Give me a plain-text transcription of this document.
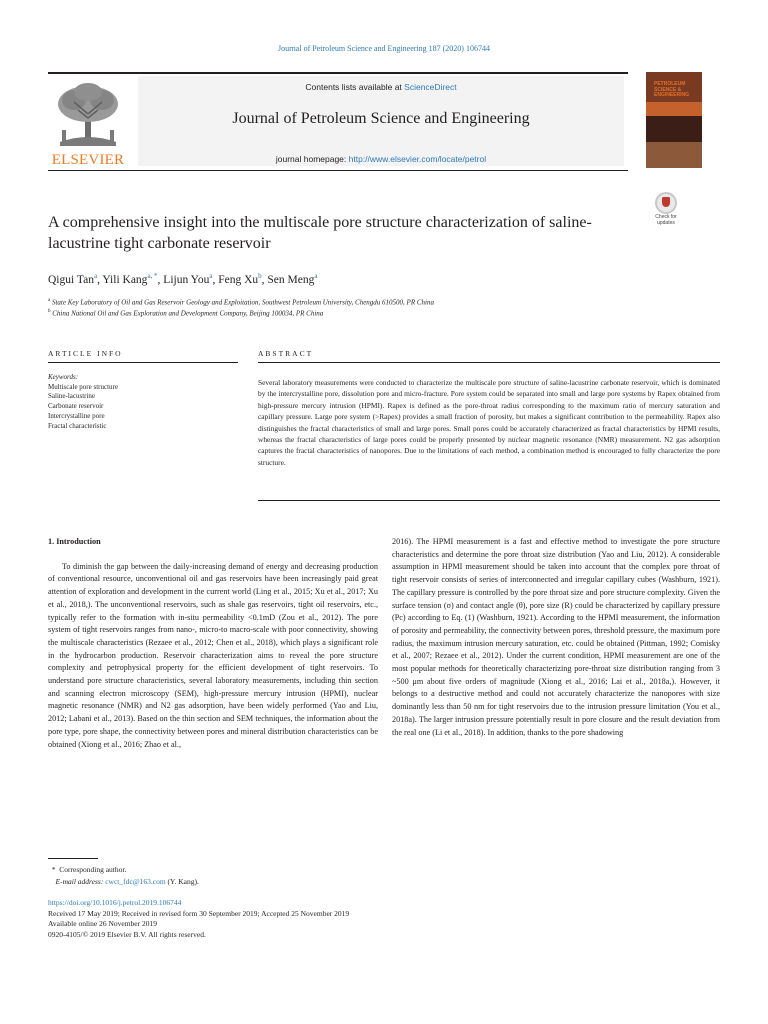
Journal of Petroleum Science and Engineering 187 (2020) 106744
ELSEVIER
Contents lists available at ScienceDirect
Journal of Petroleum Science and Engineering
journal homepage: http://www.elsevier.com/locate/petrol
PETROLEUM SCIENCE & ENGINEERING
A comprehensive insight into the multiscale pore structure characterization of saline-lacustrine tight carbonate reservoir
Check for updates
Qigui Tan$^a$, Yili Kang$^{a, *}$, Lijun You$^a$, Feng Xu$^b$, Sen Meng$^a$
$^a$ State Key Laboratory of Oil and Gas Reservoir Geology and Exploitation, Southwest Petroleum University, Chengdu 610500, PR China
$^b$ China National Oil and Gas Exploration and Development Company, Beijing 100034, PR China
ARTICLE INFO	ABSTRACT
Keywords:
Multiscale pore structure
Saline-lacustrine
Carbonate reservoir
Intercrystalline pore
Fractal characteristic
Several laboratory measurements were conducted to characterize the multiscale pore structure of saline-lacustrine carbonate reservoir, which is dominated by the intercrystalline pore, dissolution pore and micro-fracture. Pore system could be separated into small and large pore systems by Rapex obtained from high-pressure mercury intrusion (HPMI). Rapex is defined as the pore-throat radius corresponding to the maximum ratio of mercury saturation and capillary pressure. Large pore system (>Rapex) provides a small fraction of porosity, but makes a significant contribution to the permeability. Rapex also distinguishes the fractal characteristics of small and large pores. Small pores could be accurately characterized as fractal characteristics by HPMI results, whereas the fractal characteristics of large pores could be properly presented by nuclear magnetic resonance (NMR) measurement. N2 gas adsorption captures the fractal characteristics of nanopores. Due to the limitations of each method, a combination method is encouraged to fully characterize the pore structure.
1. Introduction

To diminish the gap between the daily-increasing demand of energy and decreasing production of conventional resource, unconventional oil and gas reservoirs have been increasingly paid great attention of exploration and development in the current world (Ling et al., 2015; Xu et al., 2017; Xu et al., 2018,). The unconventional reservoirs, such as shale gas reservoirs, tight oil reservoirs, etc., typically refer to the formation with in-situ permeability <0.1mD (Zou et al., 2012). The pore system of tight reservoirs ranges from nano-, micro-to macro-scale with poor connectivity, showing the multiscale characteristics (Rezaee et al., 2012; Chen et al., 2018), which plays a significant role in the hydrocarbon production. Reservoir characterization aims to reveal the pore structure complexity and petrophysical property for the efficient development of tight reservoirs. To understand pore structure characteristics, several laboratory measurements, including thin section and scanning electron microscopy (SEM), high-pressure mercury intrusion (HPMI), nuclear magnetic resonance (NMR) and N2 gas adsorption, have been widely performed (Yao and Liu, 2012; Labani et al., 2013). Based on the thin section and SEM techniques, the information about the pore type, pore shape, the connectivity between pores and mineral distribution characteristics can be obtained (Xiong et al., 2016; Zhao et al.,

2016). The HPMI measurement is a fast and effective method to investigate the pore structure characteristics and determine the pore throat size distribution (Yao and Liu, 2012). A considerable assumption in HPMI measurement should be taken into account that the complex pore throat of tight reservoir consists of series of interconnected and irregular capillary cubes (Washburn, 1921). The capillary pressure is controlled by the pore throat size and pore structure complexity. Given the surface tension (σ) and contact angle (θ), pore size (R) could be characterized by capillary pressure (Pc) according to Eq. (1) (Washburn, 1921). According to the HPMI measurement, the information of porosity and permeability, the connectivity between pores, threshold pressure, the maximum pore radius, the maximum intrusion mercury saturation, etc. could be obtained (Pittman, 1992; Comisky et al., 2007; Rezaee et al., 2012). Under the current condition, HPMI measurement are one of the most popular methods for theoretically characterizing pore-throat size distribution ranging from 3 ~500 μm about five orders of magnitude (Xiong et al., 2016; Lai et al., 2018a,). However, it belongs to a destructive method and could not accurately characterize the nanopores with size dominantly less than 50 nm for tight reservoirs due to the intrusion pressure limitation (You et al., 2018a). The larger intrusion pressure potentially result in pore closure and the result deviation from the real one (Li et al., 2018). In addition, thanks to the pore shadowing

* Corresponding author.
E-mail address: cwct_fdc@163.com (Y. Kang).
https://doi.org/10.1016/j.petrol.2019.106744
Received 17 May 2019; Received in revised form 30 September 2019; Accepted 25 November 2019
Available online 26 November 2019
0920-4105/© 2019 Elsevier B.V. All rights reserved.
